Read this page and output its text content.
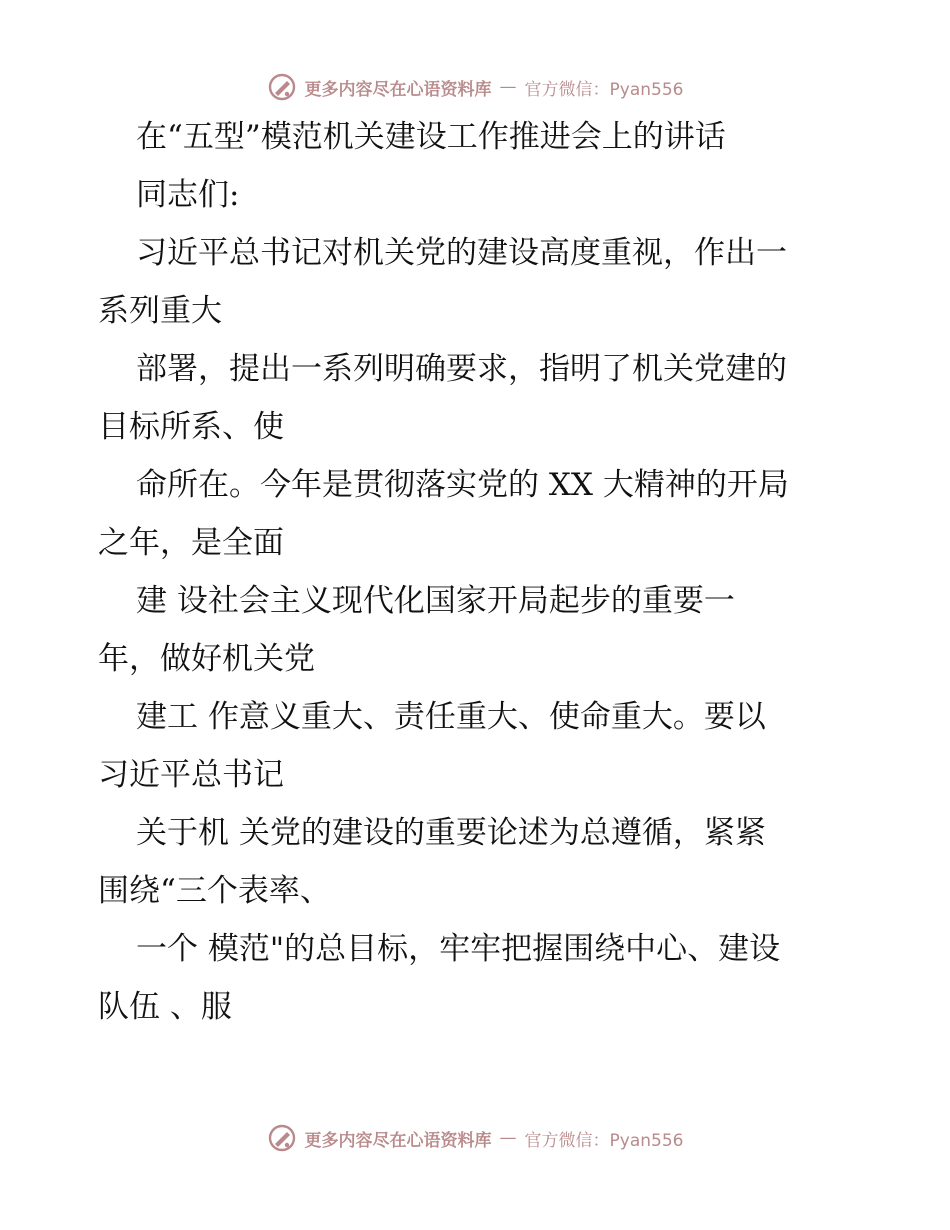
更多内容尽在心语资料库 — 官方微信：Pyan556
在“五型”模范机关建设工作推进会上的讲话
同志们:
习近平总书记对机关党的建设高度重视，作出一
系列重大
部署，提出一系列明确要求，指明了机关党建的
目标所系、使
命所在。今年是贯彻落实党的 XX 大精神的开局
之年，是全面
建 设社会主义现代化国家开局起步的重要一
年，做好机关党
建工 作意义重大、责任重大、使命重大。要以
习近平总书记
关于机 关党的建设的重要论述为总遵循，紧紧
围绕“三个表率、
一个 模范"的总目标，牢牢把握围绕中心、建设
队伍 、服
更多内容尽在心语资料库 — 官方微信：Pyan556
